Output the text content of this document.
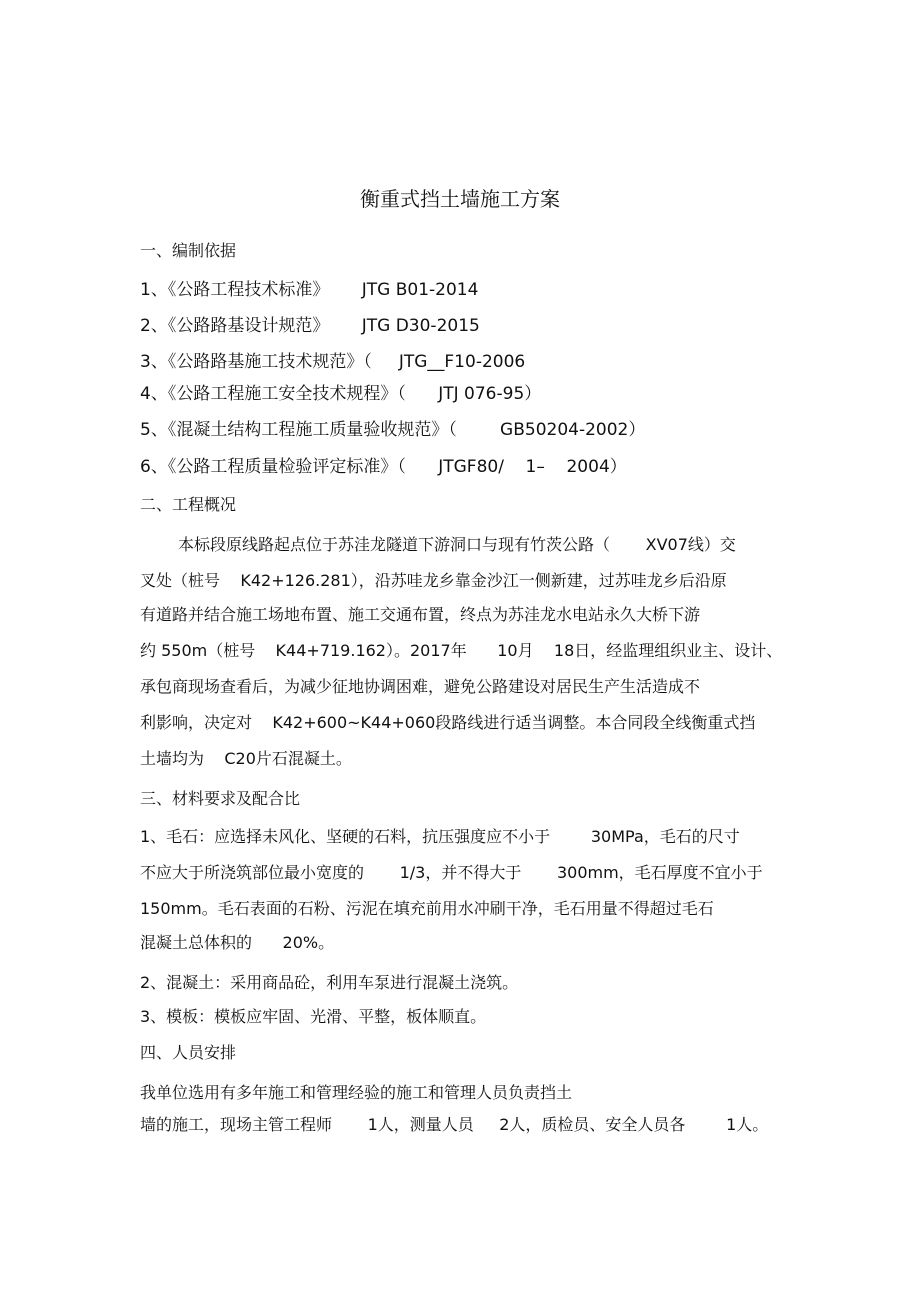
衡重式挡土墙施工方案
一、编制依据
1、《公路工程技术标准》      JTG B01-2014
2、《公路路基设计规范》      JTG D30-2015
3、《公路路基施工技术规范》（     JTG__F10-2006
4、《公路工程施工安全技术规程》（      JTJ 076-95）
5、《混凝土结构工程施工质量验收规范》（        GB50204-2002）
6、《公路工程质量检验评定标准》（      JTGF80/    1–    2004）
二、工程概况
本标段原线路起点位于苏洼龙隧道下游洞口与现有竹茨公路（       XV07线）交
叉处（桩号    K42+126.281），沿苏哇龙乡靠金沙江一侧新建，过苏哇龙乡后沿原
有道路并结合施工场地布置、施工交通布置，终点为苏洼龙水电站永久大桥下游
约 550m（桩号    K44+719.162）。2017年      10月    18日，经监理组织业主、设计、
承包商现场查看后，为减少征地协调困难，避免公路建设对居民生产生活造成不
利影响，决定对    K42+600~K44+060段路线进行适当调整。本合同段全线衡重式挡
土墙均为    C20片石混凝土。
三、材料要求及配合比
1、毛石：应选择未风化、坚硬的石料，抗压强度应不小于        30MPa，毛石的尺寸
不应大于所浇筑部位最小宽度的       1/3，并不得大于       300mm，毛石厚度不宜小于
150mm。毛石表面的石粉、污泥在填充前用水冲刷干净，毛石用量不得超过毛石
混凝土总体积的      20%。
2、混凝土：采用商品砼，利用车泵进行混凝土浇筑。
3、模板：模板应牢固、光滑、平整，板体顺直。
四、人员安排
我单位选用有多年施工和管理经验的施工和管理人员负责挡土
墙的施工，现场主管工程师       1人，测量人员     2人，质检员、安全人员各        1人。
